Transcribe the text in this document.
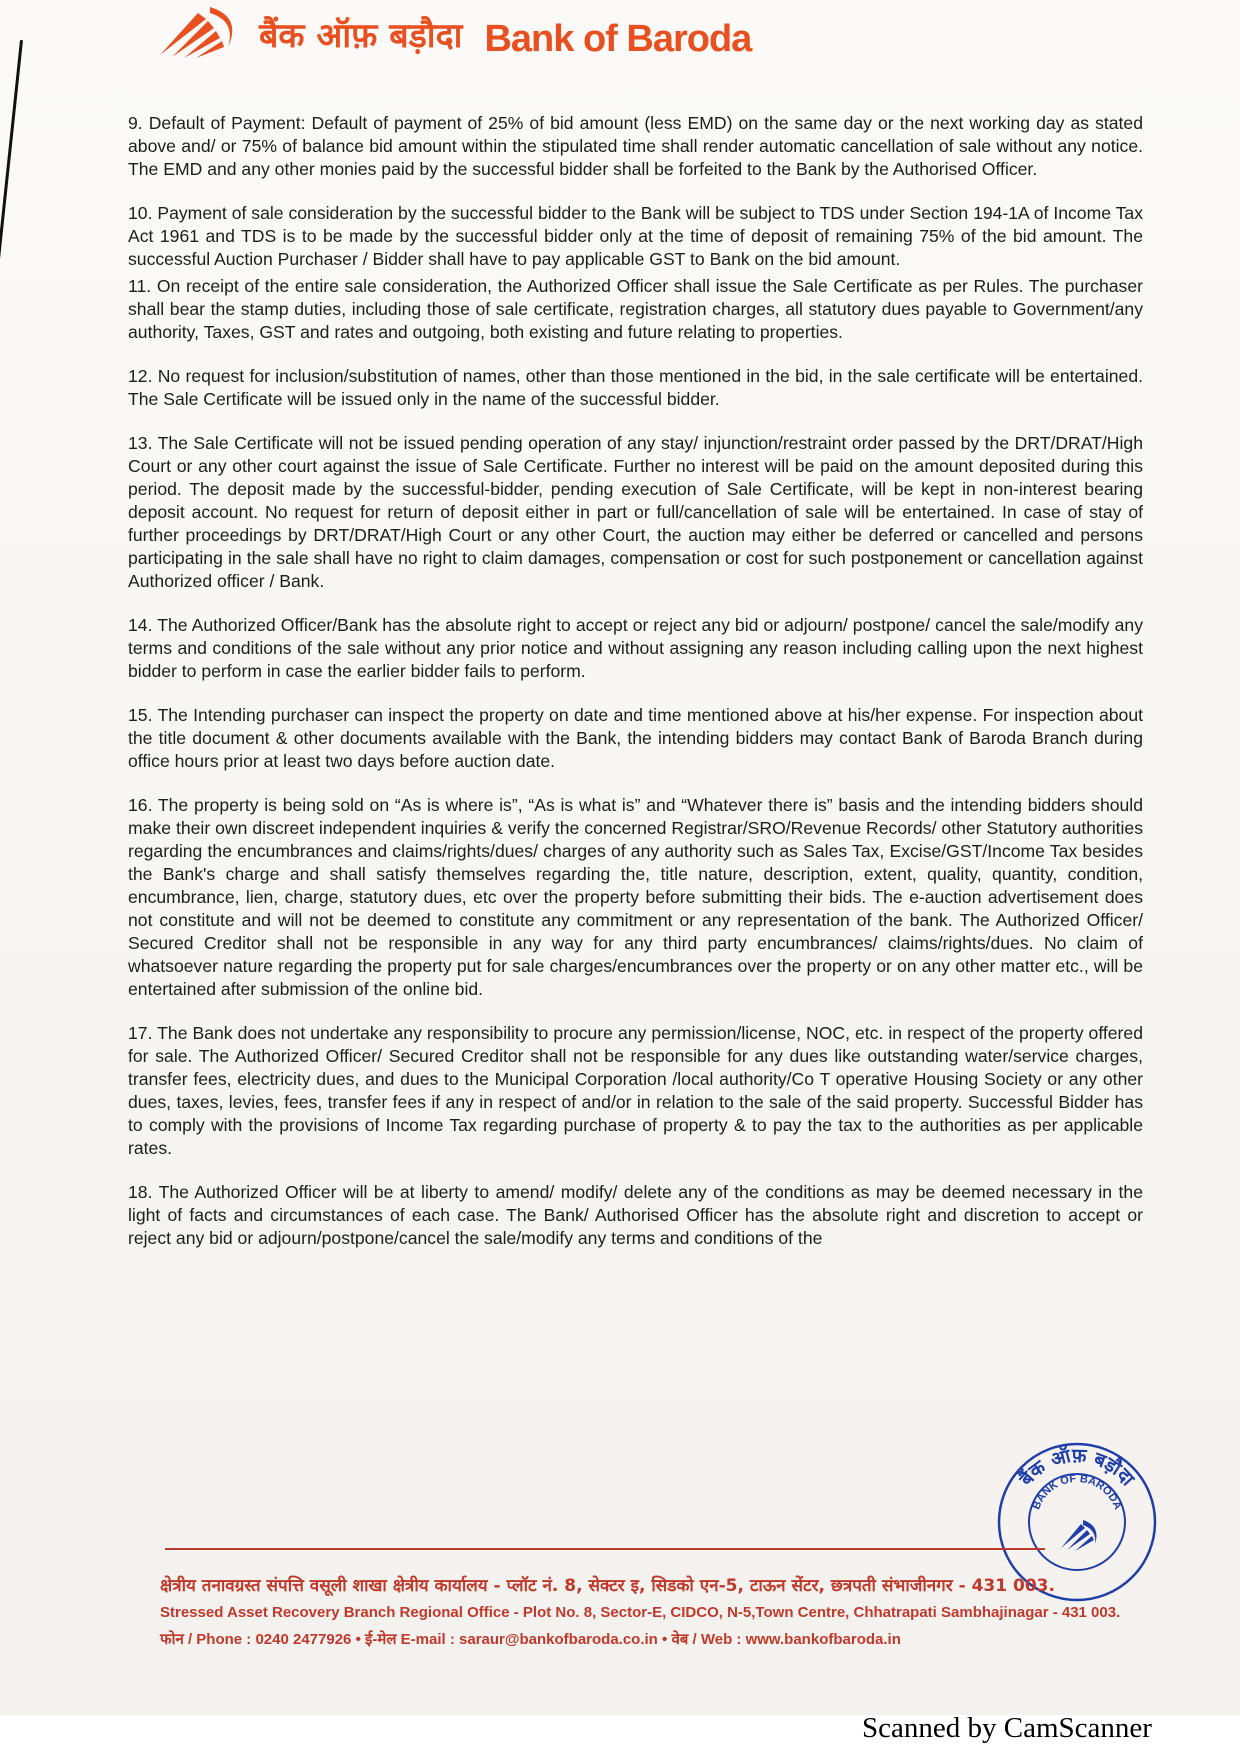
बैंक ऑफ़ बड़ौदा Bank of Baroda

9. Default of Payment: Default of payment of 25% of bid amount (less EMD) on the same day or the next working day as stated above and/ or 75% of balance bid amount within the stipulated time shall render automatic cancellation of sale without any notice. The EMD and any other monies paid by the successful bidder shall be forfeited to the Bank by the Authorised Officer.

10. Payment of sale consideration by the successful bidder to the Bank will be subject to TDS under Section 194-1A of Income Tax Act 1961 and TDS is to be made by the successful bidder only at the time of deposit of remaining 75% of the bid amount. The successful Auction Purchaser / Bidder shall have to pay applicable GST to Bank on the bid amount.

11. On receipt of the entire sale consideration, the Authorized Officer shall issue the Sale Certificate as per Rules. The purchaser shall bear the stamp duties, including those of sale certificate, registration charges, all statutory dues payable to Government/any authority, Taxes, GST and rates and outgoing, both existing and future relating to properties.

12. No request for inclusion/substitution of names, other than those mentioned in the bid, in the sale certificate will be entertained. The Sale Certificate will be issued only in the name of the successful bidder.

13. The Sale Certificate will not be issued pending operation of any stay/ injunction/restraint order passed by the DRT/DRAT/High Court or any other court against the issue of Sale Certificate. Further no interest will be paid on the amount deposited during this period. The deposit made by the successful-bidder, pending execution of Sale Certificate, will be kept in non-interest bearing deposit account. No request for return of deposit either in part or full/cancellation of sale will be entertained. In case of stay of further proceedings by DRT/DRAT/High Court or any other Court, the auction may either be deferred or cancelled and persons participating in the sale shall have no right to claim damages, compensation or cost for such postponement or cancellation against Authorized officer / Bank.

14. The Authorized Officer/Bank has the absolute right to accept or reject any bid or adjourn/ postpone/ cancel the sale/modify any terms and conditions of the sale without any prior notice and without assigning any reason including calling upon the next highest bidder to perform in case the earlier bidder fails to perform.

15. The Intending purchaser can inspect the property on date and time mentioned above at his/her expense. For inspection about the title document & other documents available with the Bank, the intending bidders may contact Bank of Baroda Branch during office hours prior at least two days before auction date.

16. The property is being sold on “As is where is”, “As is what is” and “Whatever there is” basis and the intending bidders should make their own discreet independent inquiries & verify the concerned Registrar/SRO/Revenue Records/ other Statutory authorities regarding the encumbrances and claims/rights/dues/ charges of any authority such as Sales Tax, Excise/GST/Income Tax besides the Bank's charge and shall satisfy themselves regarding the, title nature, description, extent, quality, quantity, condition, encumbrance, lien, charge, statutory dues, etc over the property before submitting their bids. The e-auction advertisement does not constitute and will not be deemed to constitute any commitment or any representation of the bank. The Authorized Officer/ Secured Creditor shall not be responsible in any way for any third party encumbrances/ claims/rights/dues. No claim of whatsoever nature regarding the property put for sale charges/encumbrances over the property or on any other matter etc., will be entertained after submission of the online bid.

17. The Bank does not undertake any responsibility to procure any permission/license, NOC, etc. in respect of the property offered for sale. The Authorized Officer/ Secured Creditor shall not be responsible for any dues like outstanding water/service charges, transfer fees, electricity dues, and dues to the Municipal Corporation /local authority/Co T operative Housing Society or any other dues, taxes, levies, fees, transfer fees if any in respect of and/or in relation to the sale of the said property. Successful Bidder has to comply with the provisions of Income Tax regarding purchase of property & to pay the tax to the authorities as per applicable rates.

18. The Authorized Officer will be at liberty to amend/ modify/ delete any of the conditions as may be deemed necessary in the light of facts and circumstances of each case. The Bank/ Authorised Officer has the absolute right and discretion to accept or reject any bid or adjourn/postpone/cancel the sale/modify any terms and conditions of the

बैंक ऑफ़ बड़ौदा
BANK OF BARODA
क्षेत्रीय तनावग्रस्त संपत्ति वसूली शाखा क्षेत्रीय कार्यालय - प्लॉट नं. 8, सेक्टर इ, सिडको एन-5, टाऊन सेंटर, छत्रपती संभाजीनगर - 431 003.
Stressed Asset Recovery Branch Regional Office - Plot No. 8, Sector-E, CIDCO, N-5,Town Centre, Chhatrapati Sambhajinagar - 431 003.
फोन / Phone : 0240 2477926 • ई-मेल E-mail : saraur@bankofbaroda.co.in • वेब / Web : www.bankofbaroda.in
Scanned by CamScanner
